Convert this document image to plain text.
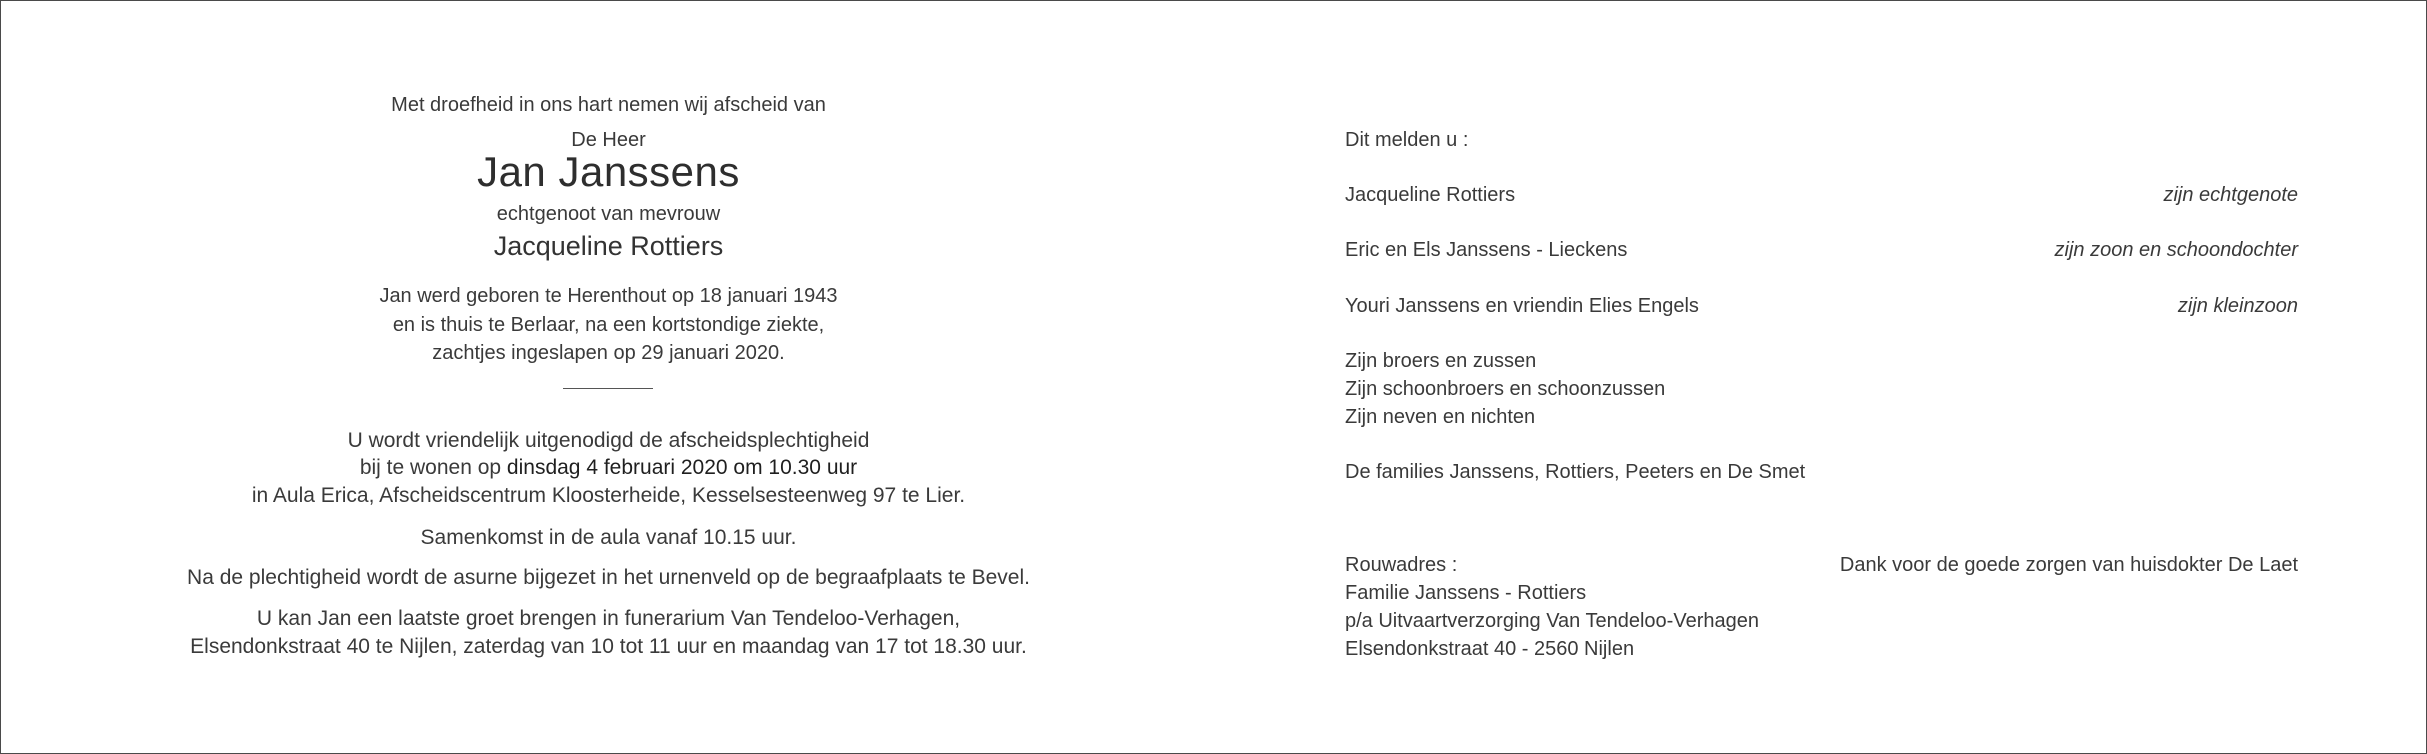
Met droefheid in ons hart nemen wij afscheid van
De Heer
Jan Janssens
echtgenoot van mevrouw
Jacqueline Rottiers
Jan werd geboren te Herenthout op 18 januari 1943
en is thuis te Berlaar, na een kortstondige ziekte,
zachtjes ingeslapen op 29 januari 2020.
U wordt vriendelijk uitgenodigd de afscheidsplechtigheid
bij te wonen op dinsdag 4 februari 2020 om 10.30 uur
in Aula Erica, Afscheidscentrum Kloosterheide, Kesselsesteenweg 97 te Lier.
Samenkomst in de aula vanaf 10.15 uur.
Na de plechtigheid wordt de asurne bijgezet in het urnenveld op de begraafplaats te Bevel.
U kan Jan een laatste groet brengen in funerarium Van Tendeloo-Verhagen,
Elsendonkstraat 40 te Nijlen, zaterdag van 10 tot 11 uur en maandag van 17 tot 18.30 uur.
Dit melden u :
Jacqueline Rottiers	zijn echtgenote
Eric en Els Janssens - Lieckens	zijn zoon en schoondochter
Youri Janssens en vriendin Elies Engels	zijn kleinzoon
Zijn broers en zussen
Zijn schoonbroers en schoonzussen
Zijn neven en nichten
De families Janssens, Rottiers, Peeters en De Smet
Rouwadres :	Dank voor de goede zorgen van huisdokter De Laet
Familie Janssens - Rottiers
p/a Uitvaartverzorging Van Tendeloo-Verhagen
Elsendonkstraat 40 - 2560 Nijlen
